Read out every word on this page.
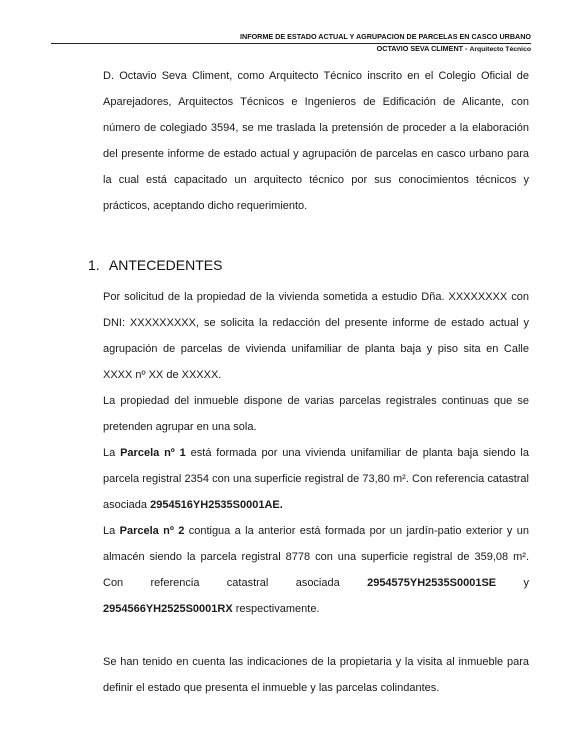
INFORME DE ESTADO ACTUAL Y AGRUPACION DE PARCELAS EN CASCO URBANO
OCTAVIO SEVA CLIMENT - Arquitecto Técnico

D. Octavio Seva Climent, como Arquitecto Técnico inscrito en el Colegio Oficial de Aparejadores, Arquitectos Técnicos e Ingenieros de Edificación de Alicante, con número de colegiado 3594, se me traslada la pretensión de proceder a la elaboración del presente informe de estado actual y agrupación de parcelas en casco urbano para la cual está capacitado un arquitecto técnico por sus conocimientos técnicos y prácticos, aceptando dicho requerimiento.

1. ANTECEDENTES

Por solicitud de la propiedad de la vivienda sometida a estudio Dña. XXXXXXXX con DNI: XXXXXXXXX, se solicita la redacción del presente informe de estado actual y agrupación de parcelas de vivienda unifamiliar de planta baja y piso sita en Calle XXXX nº XX de XXXXX.

La propiedad del inmueble dispone de varias parcelas registrales continuas que se pretenden agrupar en una sola.

La Parcela nº 1 está formada por una vivienda unifamiliar de planta baja siendo la parcela registral 2354 con una superficie registral de 73,80 m². Con referencia catastral asociada 2954516YH2535S0001AE.

La Parcela nº 2 contigua a la anterior está formada por un jardín-patio exterior y un almacén siendo la parcela registral 8778 con una superficie registral de 359,08 m². Con referencia catastral asociada 2954575YH2535S0001SE y 2954566YH2525S0001RX respectivamente.

Se han tenido en cuenta las indicaciones de la propietaria y la visita al inmueble para definir el estado que presenta el inmueble y las parcelas colindantes.
